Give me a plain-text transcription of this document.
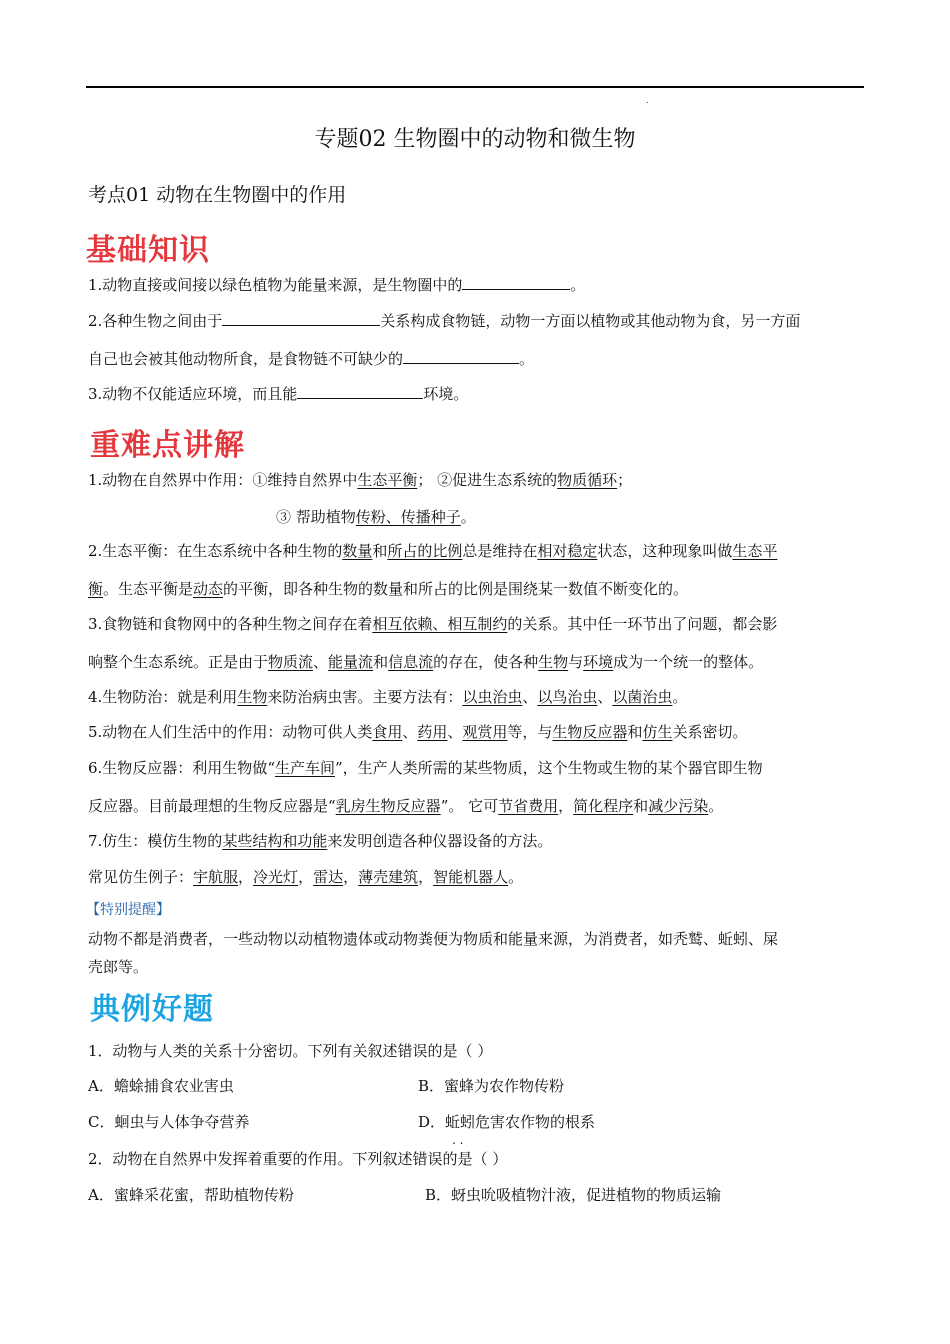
.
专题02 生物圈中的动物和微生物
考点01 动物在生物圈中的作用
基础知识
1.动物直接或间接以绿色植物为能量来源，是生物圈中的	。
2.各种生物之间由于	关系构成食物链，动物一方面以植物或其他动物为食，另一方面
自己也会被其他动物所食，是食物链不可缺少的	。
3.动物不仅能适应环境，而且能	环境。
重难点讲解
1.动物在自然界中作用：①维持自然界中生态平衡； ②促进生态系统的物质循环；
③ 帮助植物传粉、传播种子。
2.生态平衡：在生态系统中各种生物的数量和所占的比例总是维持在相对稳定状态，这种现象叫做生态平
衡。生态平衡是动态的平衡，即各种生物的数量和所占的比例是围绕某一数值不断变化的。
3.食物链和食物网中的各种生物之间存在着相互依赖、相互制约的关系。其中任一环节出了问题，都会影
响整个生态系统。正是由于物质流、能量流和信息流的存在，使各种生物与环境成为一个统一的整体。
4.生物防治：就是利用生物来防治病虫害。主要方法有：以虫治虫、以鸟治虫、以菌治虫。
5.动物在人们生活中的作用：动物可供人类食用、药用、观赏用等，与生物反应器和仿生关系密切。
6.生物反应器：利用生物做“生产车间”，生产人类所需的某些物质，这个生物或生物的某个器官即生物
反应器。目前最理想的生物反应器是“乳房生物反应器”。 它可节省费用，简化程序和减少污染。
7.仿生：模仿生物的某些结构和功能来发明创造各种仪器设备的方法。
常见仿生例子：宇航服，冷光灯，雷达，薄壳建筑，智能机器人。
【特别提醒】
动物不都是消费者，一些动物以动植物遗体或动物粪便为物质和能量来源，为消费者，如秃鹫、蚯蚓、屎
壳郎等。
典例好题
1．动物与人类的关系十分密切。下列有关叙述错误的是（ ）
A．蟾蜍捕食农业害虫	B．蜜蜂为农作物传粉
C．蛔虫与人体争夺营养	D．蚯蚓危害农作物的根系
. .
2．动物在自然界中发挥着重要的作用。下列叙述错误的是（ ）
A．蜜蜂采花蜜，帮助植物传粉	B．蚜虫吮吸植物汁液，促进植物的物质运输
